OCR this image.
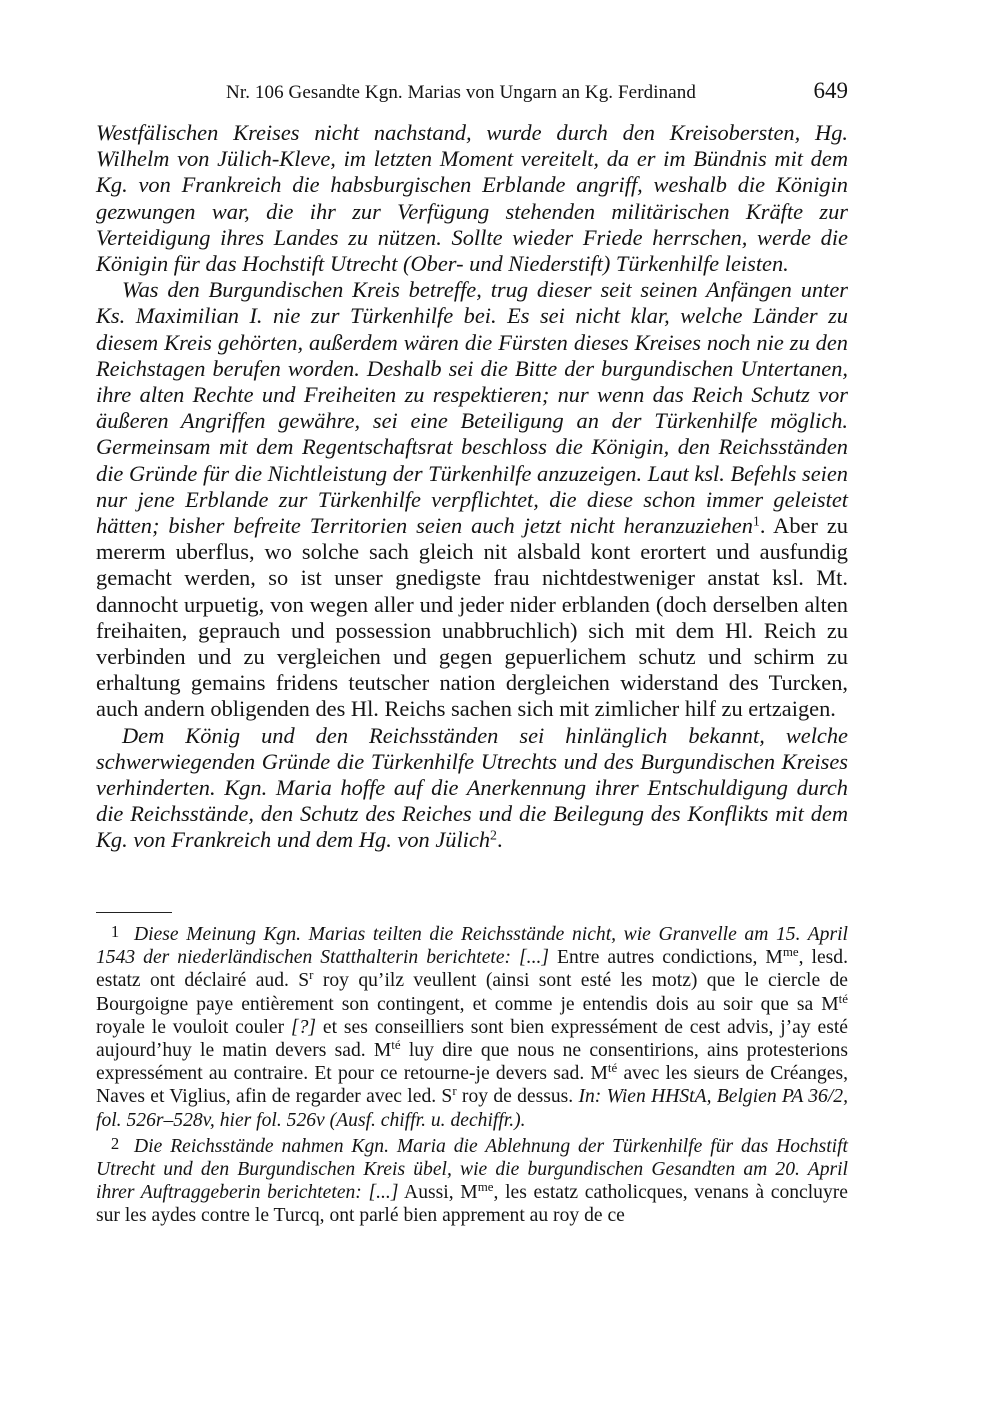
Nr. 106 Gesandte Kgn. Marias von Ungarn an Kg. Ferdinand	649

Westfälischen Kreises nicht nachstand, wurde durch den Kreisobersten, Hg. Wilhelm von Jülich-Kleve, im letzten Moment vereitelt, da er im Bündnis mit dem Kg. von Frankreich die habsburgischen Erblande angriff, weshalb die Königin gezwungen war, die ihr zur Verfügung stehenden militärischen Kräfte zur Verteidigung ihres Landes zu nützen. Sollte wieder Friede herrschen, werde die Königin für das Hochstift Utrecht (Ober- und Niederstift) Türkenhilfe leisten.

Was den Burgundischen Kreis betreffe, trug dieser seit seinen Anfängen unter Ks. Maximilian I. nie zur Türkenhilfe bei. Es sei nicht klar, welche Länder zu diesem Kreis gehörten, außerdem wären die Fürsten dieses Kreises noch nie zu den Reichstagen berufen worden. Deshalb sei die Bitte der burgundischen Untertanen, ihre alten Rechte und Freiheiten zu respektieren; nur wenn das Reich Schutz vor äußeren Angriffen gewähre, sei eine Beteiligung an der Türkenhilfe möglich. Germeinsam mit dem Regentschaftsrat beschloss die Königin, den Reichsständen die Gründe für die Nichtleistung der Türkenhilfe anzuzeigen. Laut ksl. Befehls seien nur jene Erblande zur Türkenhilfe verpflichtet, die diese schon immer geleistet hätten; bisher befreite Territorien seien auch jetzt nicht heranzuziehen$^1$. Aber zu mererm uberflus, wo solche sach gleich nit alsbald kont erortert und ausfundig gemacht werden, so ist unser gnedigste frau nichtdestweniger anstat ksl. Mt. dannocht urpuetig, von wegen aller und jeder nider erblanden (doch derselben alten freihaiten, geprauch und possession unabbruchlich) sich mit dem Hl. Reich zu verbinden und zu vergleichen und gegen gepuerlichem schutz und schirm zu erhaltung gemains fridens teutscher nation dergleichen widerstand des Turcken, auch andern obligenden des Hl. Reichs sachen sich mit zimlicher hilf zu ertzaigen.

Dem König und den Reichsständen sei hinlänglich bekannt, welche schwerwiegenden Gründe die Türkenhilfe Utrechts und des Burgundischen Kreises verhinderten. Kgn. Maria hoffe auf die Anerkennung ihrer Entschuldigung durch die Reichsstände, den Schutz des Reiches und die Beilegung des Konflikts mit dem Kg. von Frankreich und dem Hg. von Jülich$^2$.

1 Diese Meinung Kgn. Marias teilten die Reichsstände nicht, wie Granvelle am 15. April 1543 der niederländischen Statthalterin berichtete: [...] Entre autres condictions, $M^{me}$, lesd. estatz ont déclairé aud. $S^r$ roy qu’ilz veullent (ainsi sont esté les motz) que le ciercle de Bourgoigne paye entièrement son contingent, et comme je entendis dois au soir que sa $M^{té}$ royale le vouloit couler [?] et ses conseilliers sont bien expressément de cest advis, j’ay esté aujourd’huy le matin devers sad. $M^{té}$ luy dire que nous ne consentirions, ains protesterions expressément au contraire. Et pour ce retourne-je devers sad. $M^{té}$ avec les sieurs de Créanges, Naves et Viglius, afin de regarder avec led. $S^r$ roy de dessus. In: Wien HHStA, Belgien PA 36/2, fol. 526r–528v, hier fol. 526v (Ausf. chiffr. u. dechiffr.).

2 Die Reichsstände nahmen Kgn. Maria die Ablehnung der Türkenhilfe für das Hochstift Utrecht und den Burgundischen Kreis übel, wie die burgundischen Gesandten am 20. April ihrer Auftraggeberin berichteten: [...] Aussi, $M^{me}$, les estatz catholicques, venans à concluyre sur les aydes contre le Turcq, ont parlé bien apprement au roy de ce
